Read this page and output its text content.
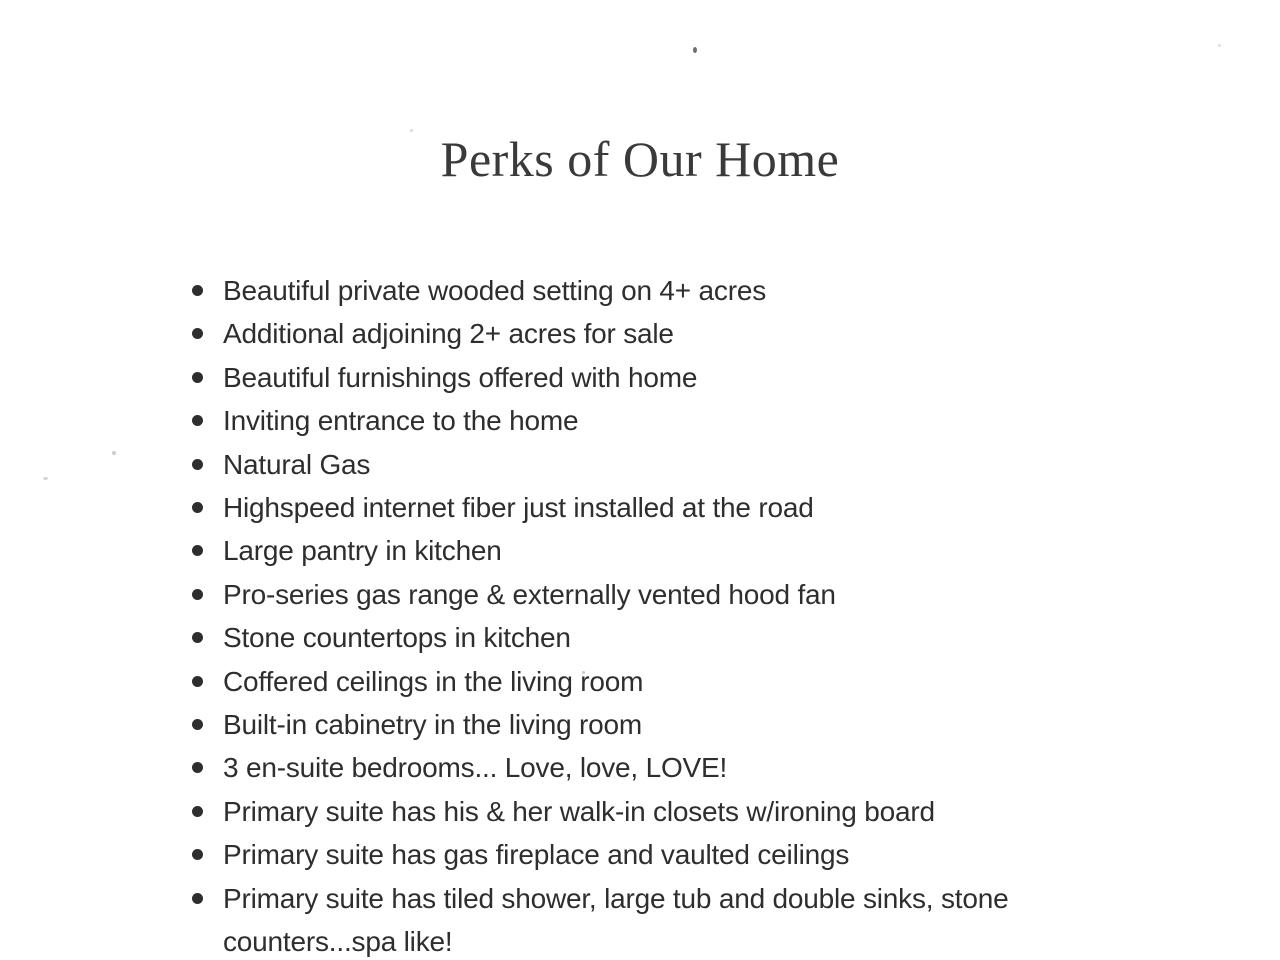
Perks of Our Home
Beautiful private wooded setting on 4+ acres
Additional adjoining 2+ acres for sale
Beautiful furnishings offered with home
Inviting entrance to the home
Natural Gas
Highspeed internet fiber just installed at the road
Large pantry in kitchen
Pro-series gas range & externally vented hood fan
Stone countertops in kitchen
Coffered ceilings in the living room
Built-in cabinetry in the living room
3 en-suite bedrooms... Love, love, LOVE!
Primary suite has his & her walk-in closets w/ironing board
Primary suite has gas fireplace and vaulted ceilings
Primary suite has tiled shower, large tub and double sinks, stone counters...spa like!
